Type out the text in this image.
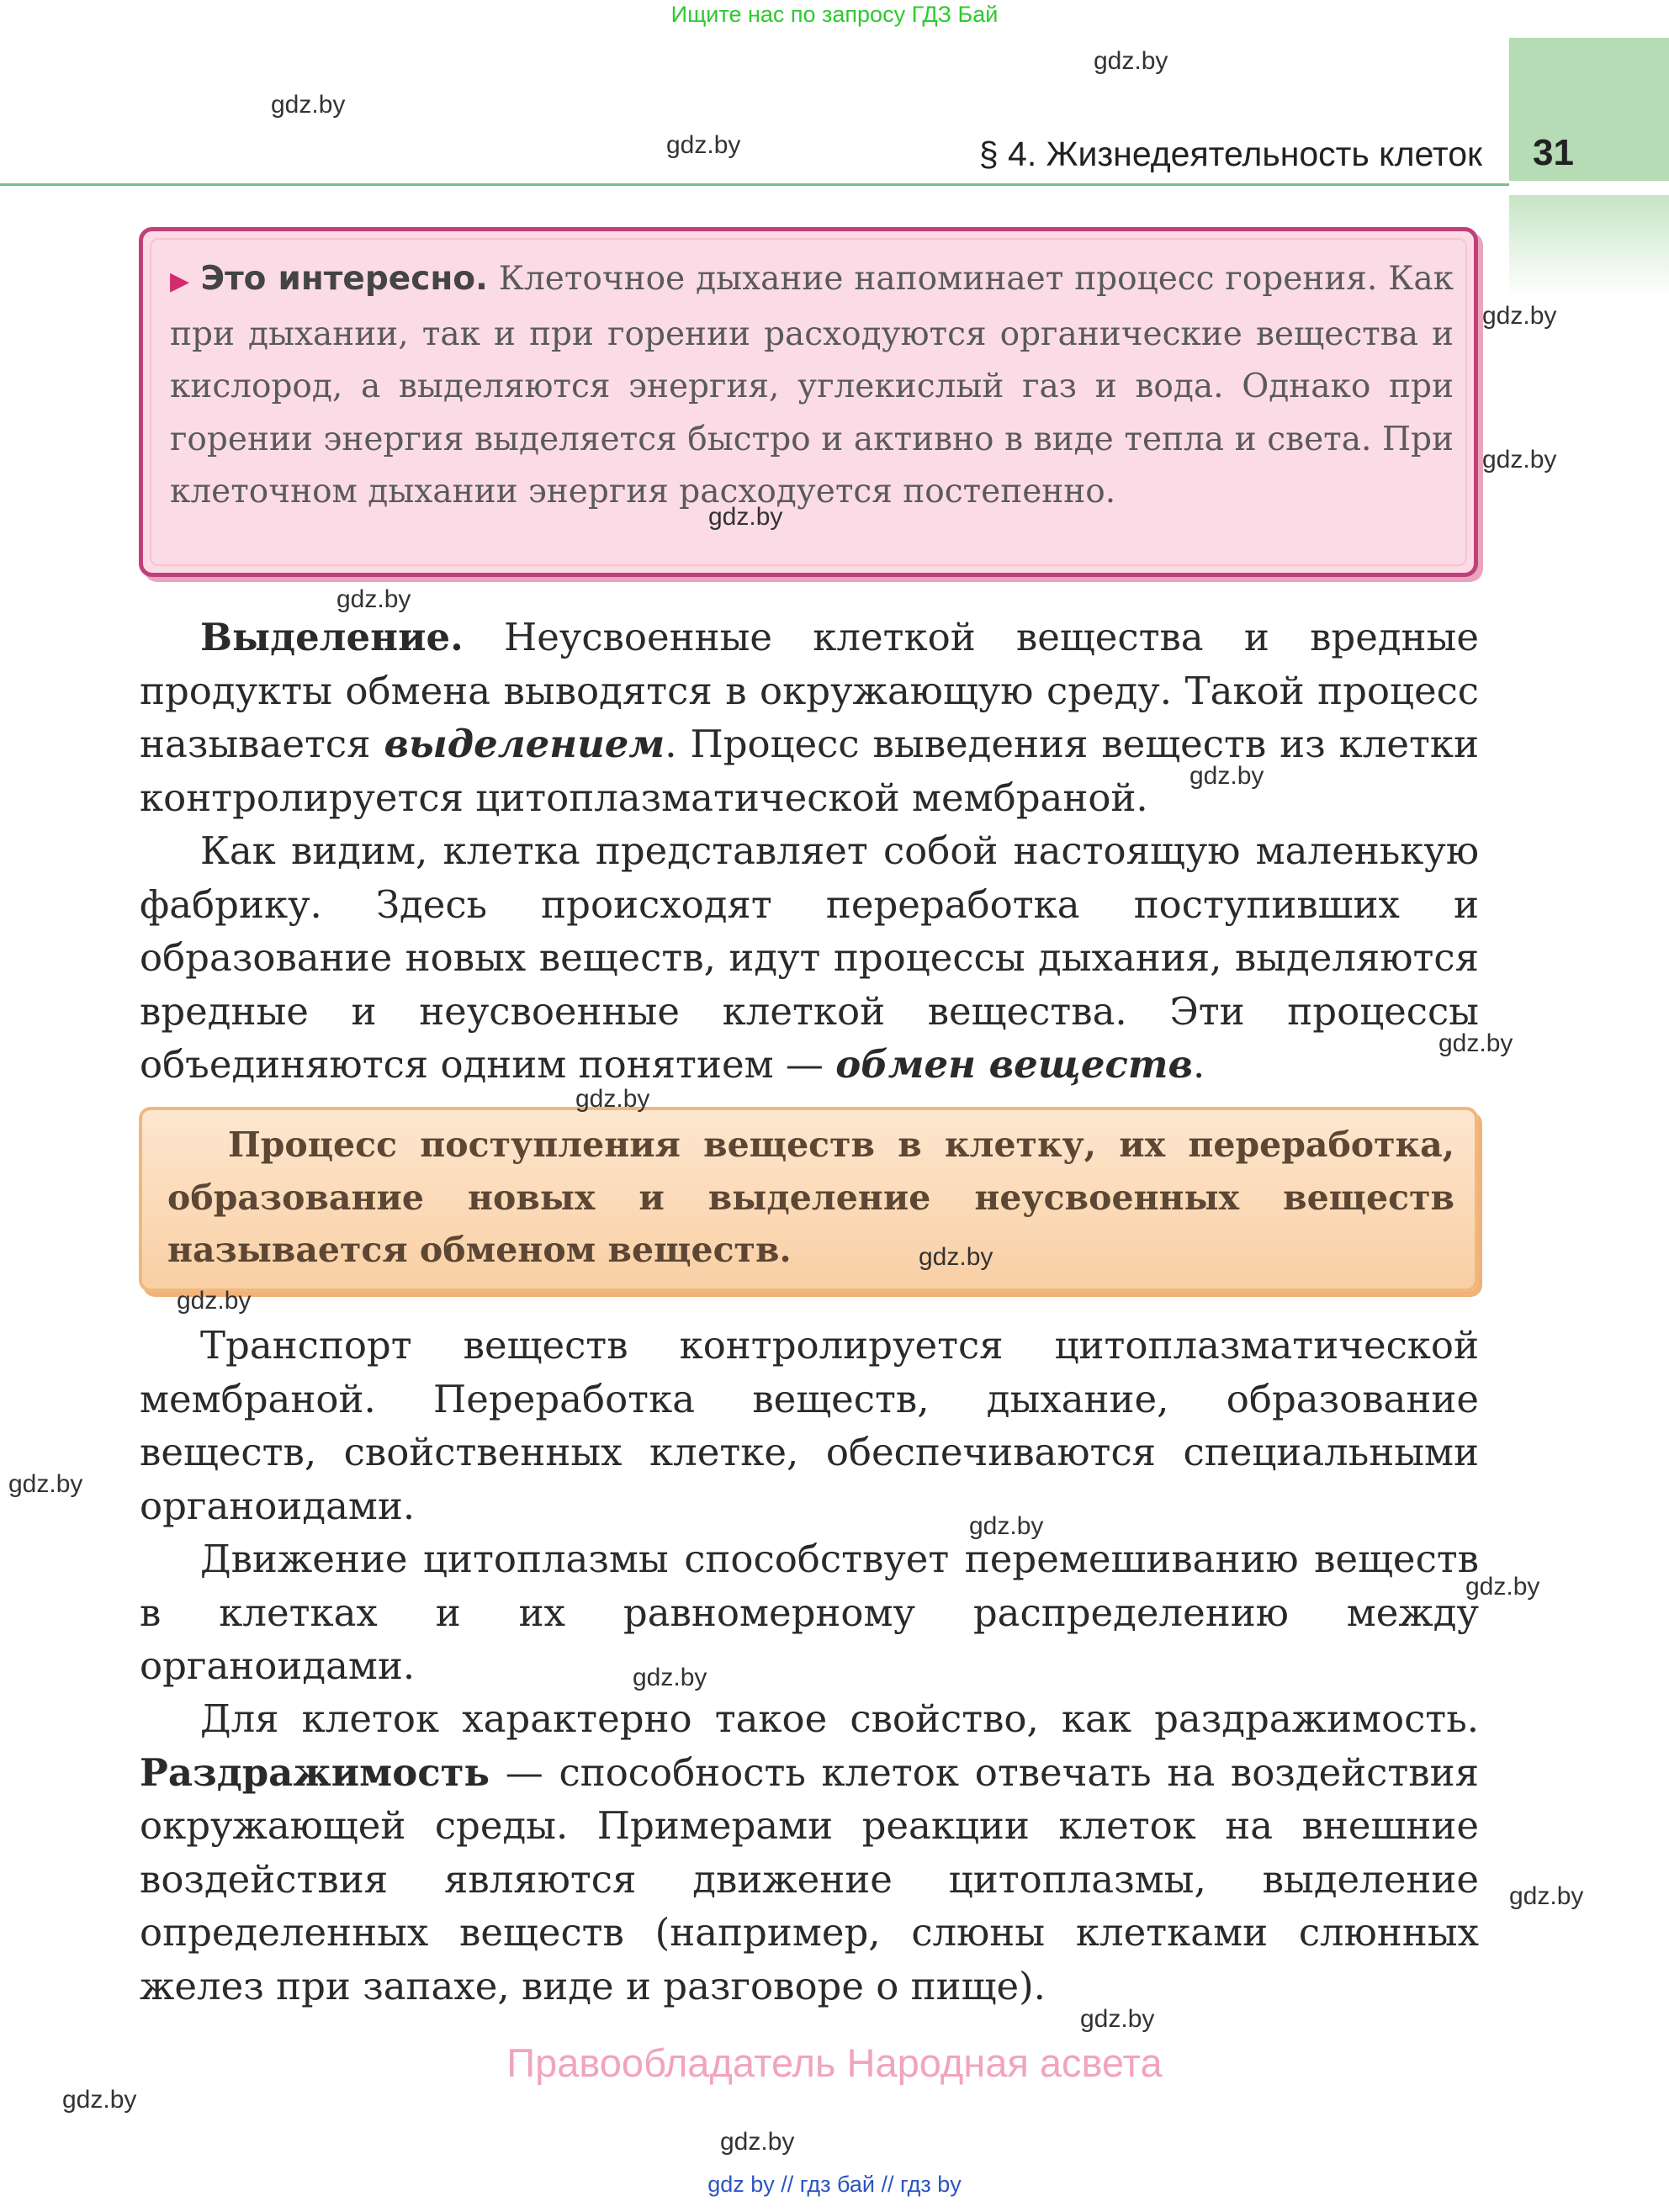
Ищите нас по запросу ГДЗ Бай
§ 4. Жизнедеятельность клеток 31

▶ Это интересно. Клеточное дыхание напоминает процесс горения. Как при дыхании, так и при горении расходуются органические вещества и кислород, а выделяются энергия, углекислый газ и вода. Однако при горении энергия выделяется быстро и активно в виде тепла и света. При клеточном дыхании энергия расходуется постепенно.

Выделение. Неусвоенные клеткой вещества и вредные продукты обмена выводятся в окружающую среду. Такой процесс называется выделением. Процесс выведения веществ из клетки контролируется цитоплазматической мембраной.

Как видим, клетка представляет собой настоящую маленькую фабрику. Здесь происходят переработка поступивших и образование новых веществ, идут процессы дыхания, выделяются вредные и неусвоенные клеткой вещества. Эти процессы объединяются одним понятием — обмен веществ.

Процесс поступления веществ в клетку, их переработка, образование новых и выделение неусвоенных веществ называется обменом веществ.

Транспорт веществ контролируется цитоплазматической мембраной. Переработка веществ, дыхание, образование веществ, свойственных клетке, обеспечиваются специальными органоидами.

Движение цитоплазмы способствует перемешиванию веществ в клетках и их равномерному распределению между органоидами.

Для клеток характерно такое свойство, как раздражимость. Раздражимость — способность клеток отвечать на воздействия окружающей среды. Примерами реакции клеток на внешние воздействия являются движение цитоплазмы, выделение определенных веществ (например, слюны клетками слюнных желез при запахе, виде и разговоре о пище).

gdz.by
gdz.by
gdz.by
gdz.by
gdz.by
gdz.by
gdz.by
gdz.by
gdz.by
gdz.by
gdz.by
gdz.by
gdz.by
gdz.by
gdz.by
gdz.by
gdz.by
gdz.by
gdz.by
gdz.by
Правообладатель Народная асвета
gdz by // гдз бай // гдз by
